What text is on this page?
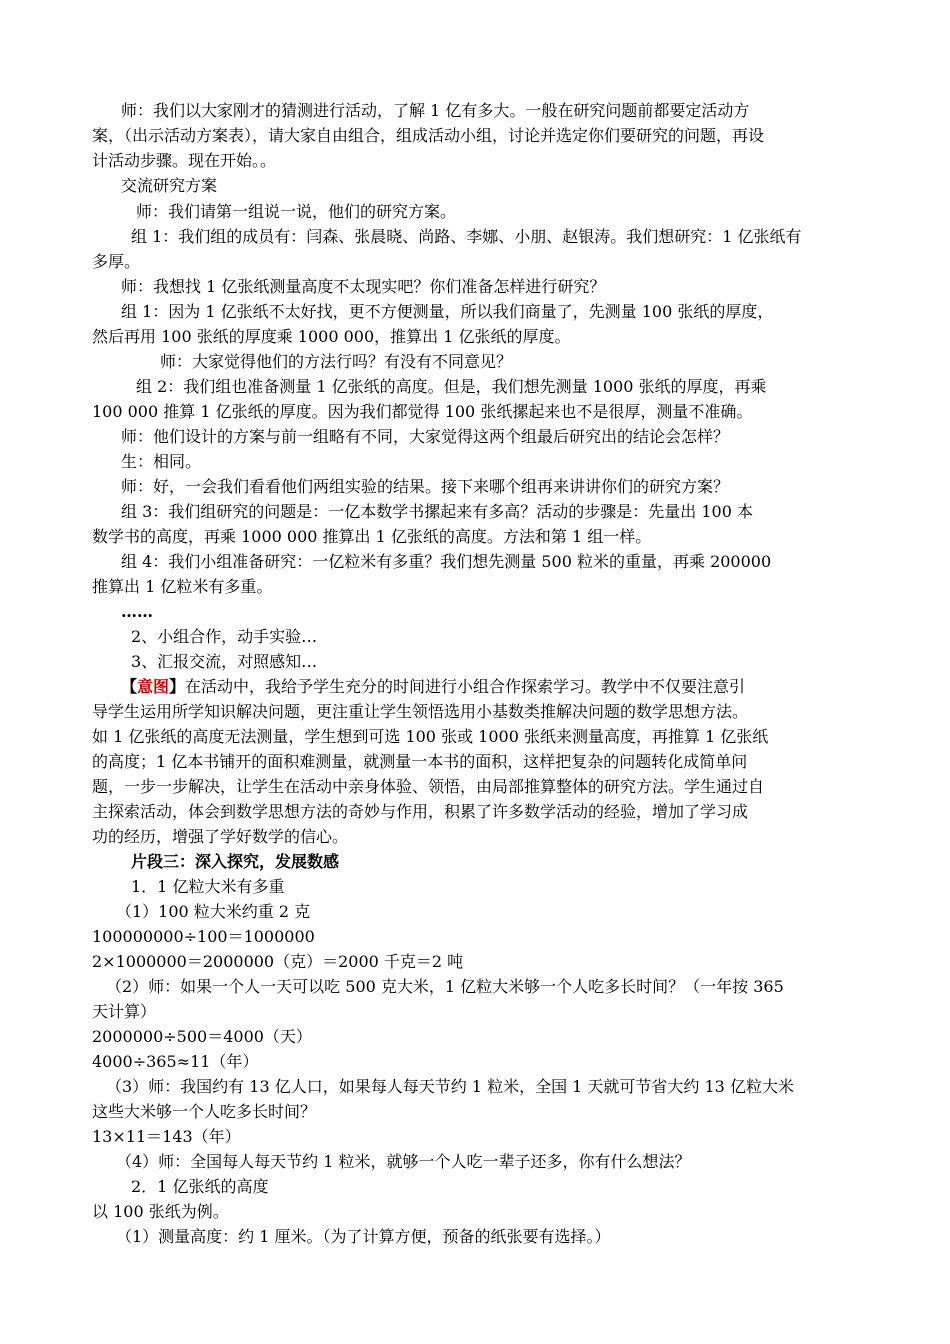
师：我们以大家刚才的猜测进行活动，了解 1 亿有多大。一般在研究问题前都要定活动方
案，（出示活动方案表），请大家自由组合，组成活动小组，讨论并选定你们要研究的问题，再设
计活动步骤。现在开始。。
交流研究方案
师：我们请第一组说一说，他们的研究方案。
组 1：我们组的成员有：闫森、张晨晓、尚路、李娜、小朋、赵银涛。我们想研究：1 亿张纸有
多厚。
师：我想找 1 亿张纸测量高度不太现实吧？你们准备怎样进行研究？
组 1：因为 1 亿张纸不太好找，更不方便测量，所以我们商量了，先测量 100 张纸的厚度，
然后再用 100 张纸的厚度乘 1000 000，推算出 1 亿张纸的厚度。
师：大家觉得他们的方法行吗？有没有不同意见？
组 2：我们组也准备测量 1 亿张纸的高度。但是，我们想先测量 1000 张纸的厚度，再乘
100 000 推算 1 亿张纸的厚度。因为我们都觉得 100 张纸摞起来也不是很厚，测量不准确。
师：他们设计的方案与前一组略有不同，大家觉得这两个组最后研究出的结论会怎样？
生：相同。
师：好，一会我们看看他们两组实验的结果。接下来哪个组再来讲讲你们的研究方案？
组 3：我们组研究的问题是：一亿本数学书摞起来有多高？活动的步骤是：先量出 100 本
数学书的高度，再乘 1000 000 推算出 1 亿张纸的高度。方法和第 1 组一样。
组 4：我们小组准备研究：一亿粒米有多重？我们想先测量 500 粒米的重量，再乘 200000
推算出 1 亿粒米有多重。
……
2、小组合作，动手实验…
3、汇报交流，对照感知…
【意图】在活动中，我给予学生充分的时间进行小组合作探索学习。教学中不仅要注意引
导学生运用所学知识解决问题，更注重让学生领悟选用小基数类推解决问题的数学思想方法。
如 1 亿张纸的高度无法测量，学生想到可选 100 张或 1000 张纸来测量高度，再推算 1 亿张纸
的高度；1 亿本书铺开的面积难测量，就测量一本书的面积，这样把复杂的问题转化成简单问
题，一步一步解决，让学生在活动中亲身体验、领悟，由局部推算整体的研究方法。学生通过自
主探索活动，体会到数学思想方法的奇妙与作用，积累了许多数学活动的经验，增加了学习成
功的经历，增强了学好数学的信心。
片段三：深入探究，发展数感
1．1 亿粒大米有多重
（1）100 粒大米约重 2 克
100000000÷100＝1000000
2×1000000＝2000000（克）＝2000 千克＝2 吨
（2）师：如果一个人一天可以吃 500 克大米，1 亿粒大米够一个人吃多长时间？（一年按 365
天计算）
2000000÷500＝4000（天）
4000÷365≈11（年）
（3）师：我国约有 13 亿人口，如果每人每天节约 1 粒米，全国 1 天就可节省大约 13 亿粒大米
这些大米够一个人吃多长时间？
13×11＝143（年）
（4）师：全国每人每天节约 1 粒米，就够一个人吃一辈子还多，你有什么想法？
2．1 亿张纸的高度
以 100 张纸为例。
（1）测量高度：约 1 厘米。（为了计算方便，预备的纸张要有选择。）
